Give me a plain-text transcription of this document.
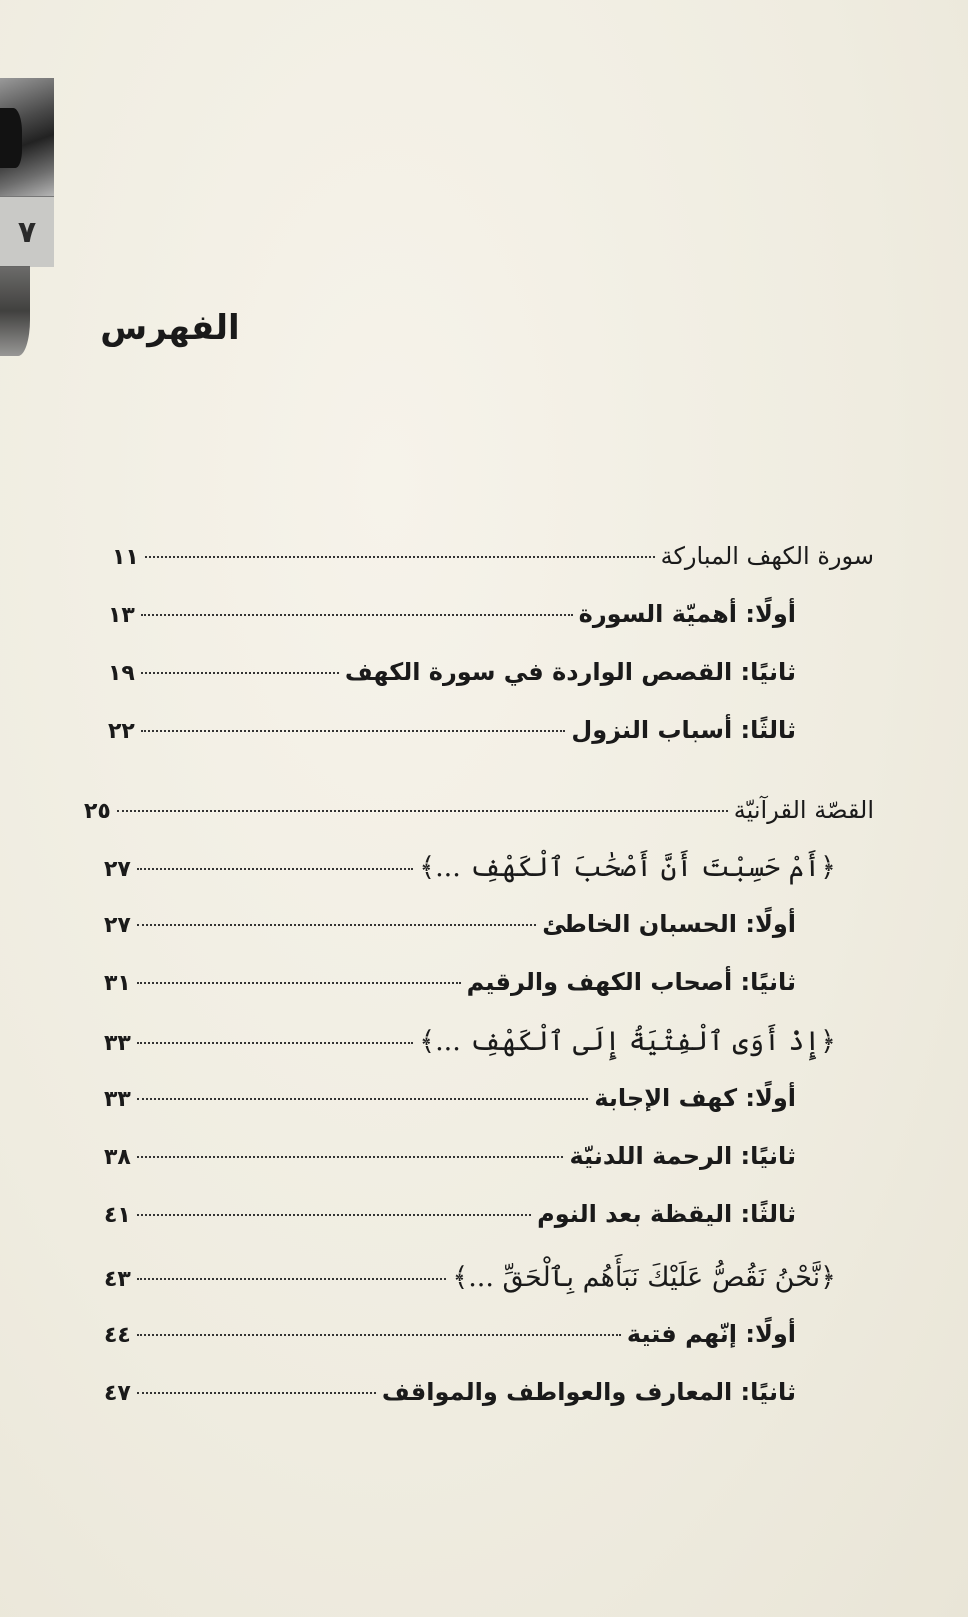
٧
الفهرس
١١	سورة الكهف المباركة
١٣	أولًا: أهميّة السورة
١٩	ثانيًا: القصص الواردة في سورة الكهف
٢٢	ثالثًا: أسباب النزول
٢٥	القصّة القرآنيّة
٢٧	﴿أَمْ حَسِبْتَ أَنَّ أَصْحَٰبَ ٱلْكَهْفِ ...﴾
٢٧	أولًا: الحسبان الخاطئ
٣١	ثانيًا: أصحاب الكهف والرقيم
٣٣	﴿إِذْ أَوَى ٱلْفِتْيَةُ إِلَى ٱلْكَهْفِ ...﴾
٣٣	أولًا: كهف الإجابة
٣٨	ثانيًا: الرحمة اللدنيّة
٤١	ثالثًا: اليقظة بعد النوم
٤٣	﴿نَّحْنُ نَقُصُّ عَلَيْكَ نَبَأَهُم بِٱلْحَقِّ ...﴾
٤٤	أولًا: إنّهم فتية
٤٧	ثانيًا: المعارف والعواطف والمواقف
